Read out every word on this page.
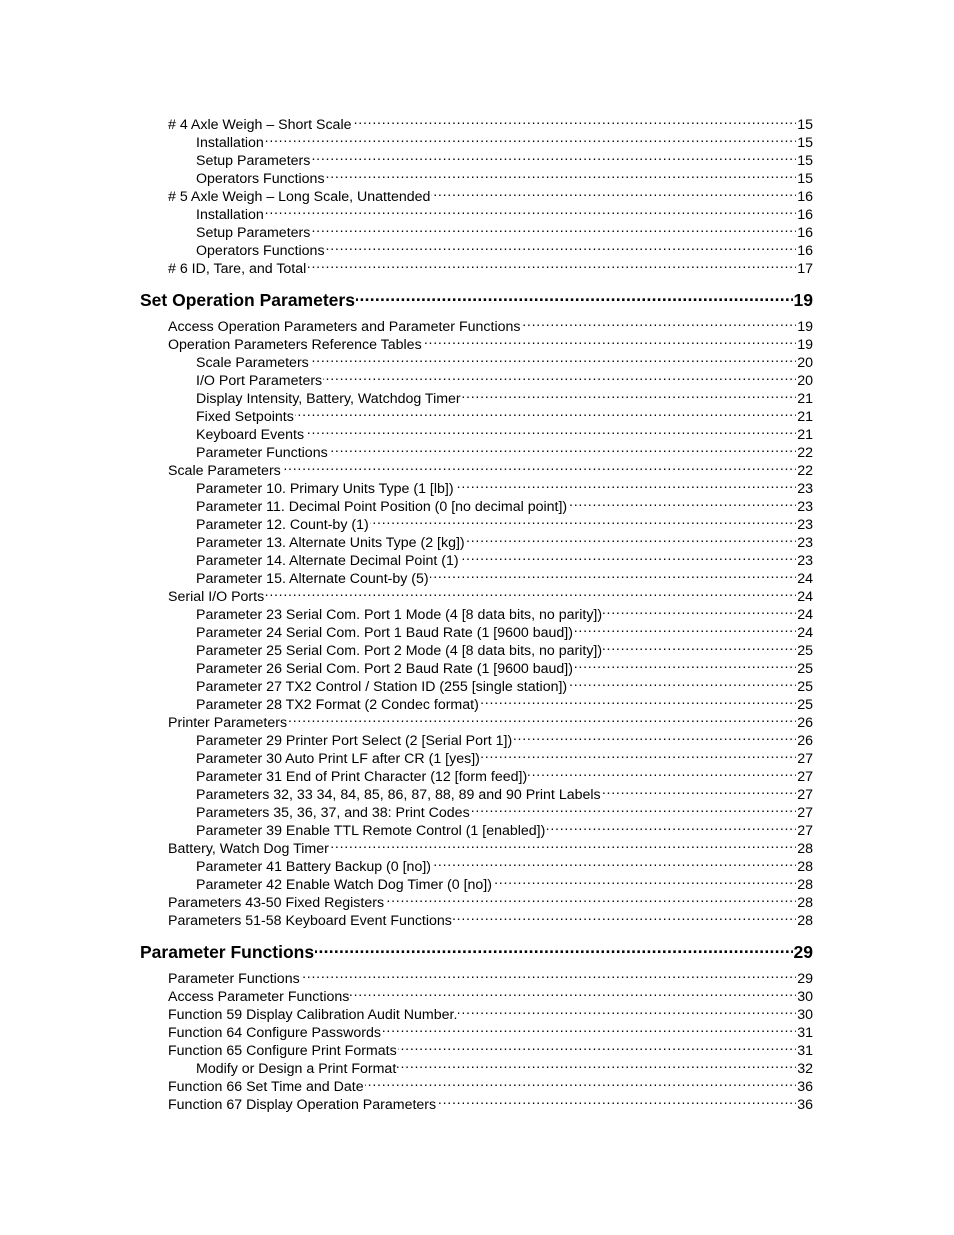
# 4 Axle Weigh – Short Scale . . .	15
Installation . . .	15
Setup Parameters . . .	15
Operators Functions . . .	15
# 5 Axle Weigh – Long Scale, Unattended . . .	16
Installation . . .	16
Setup Parameters . . .	16
Operators Functions . . .	16
# 6 ID, Tare, and Total . . .	17
Set Operation Parameters . . .	19
Access Operation Parameters and Parameter Functions . . .	19
Operation Parameters Reference Tables . . .	19
Scale Parameters . . .	20
I/O Port Parameters . . .	20
Display Intensity, Battery, Watchdog Timer . . .	21
Fixed Setpoints . . .	21
Keyboard Events . . .	21
Parameter Functions . . .	22
Scale Parameters . . .	22
Parameter 10. Primary Units Type (1 [lb]) . . .	23
Parameter 11. Decimal Point Position (0 [no decimal point]) . . .	23
Parameter 12. Count-by (1) . . .	23
Parameter 13. Alternate Units Type (2 [kg]) . . .	23
Parameter 14. Alternate Decimal Point (1) . . .	23
Parameter 15. Alternate Count-by (5) . . .	24
Serial I/O Ports . . .	24
Parameter 23 Serial Com. Port 1 Mode (4 [8 data bits, no parity]) . . .	24
Parameter 24 Serial Com. Port 1 Baud Rate (1 [9600 baud]) . . .	24
Parameter 25 Serial Com. Port 2 Mode (4 [8 data bits, no parity]) . . .	25
Parameter 26 Serial Com. Port 2 Baud Rate (1 [9600 baud]) . . .	25
Parameter 27 TX2 Control / Station ID (255 [single station]) . . .	25
Parameter 28 TX2 Format (2 Condec format) . . .	25
Printer Parameters . . .	26
Parameter 29 Printer Port Select (2 [Serial Port 1]) . . .	26
Parameter 30 Auto Print LF after CR (1 [yes]) . . .	27
Parameter 31 End of Print Character (12 [form feed]) . . .	27
Parameters 32, 33 34, 84, 85, 86, 87, 88, 89 and 90 Print Labels . . .	27
Parameters 35, 36, 37, and 38: Print Codes . . .	27
Parameter 39 Enable TTL Remote Control (1 [enabled]) . . .	27
Battery, Watch Dog Timer . . .	28
Parameter 41 Battery Backup (0 [no]) . . .	28
Parameter 42 Enable Watch Dog Timer (0 [no]) . . .	28
Parameters 43-50 Fixed Registers . . .	28
Parameters 51-58 Keyboard Event Functions . . .	28
Parameter Functions . . .	29
Parameter Functions . . .	29
Access Parameter Functions . . .	30
Function 59 Display Calibration Audit Number. . . .	30
Function 64 Configure Passwords . . .	31
Function 65 Configure Print Formats . . .	31
Modify or Design a Print Format . . .	32
Function 66 Set Time and Date . . .	36
Function 67 Display Operation Parameters . . .	36
